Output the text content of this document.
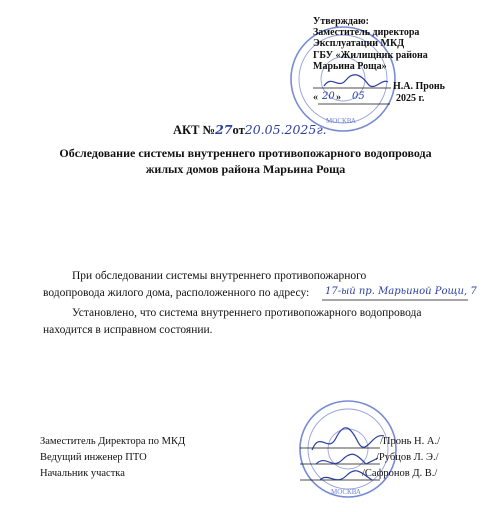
МОСКВА
Утверждаю:
Заместитель директора
Эксплуатации МКД
ГБУ «Жилищник района
Марьина Роща»
Н.А. Пронь
« 20 » 05	2025 г.
АКТ №27от20.05.2025г.
Обследование системы внутреннего противопожарного водопровода
жилых домов района Марьина Роща
При обследовании системы внутреннего противопожарного
водопровода жилого дома, расположенного по адресу: 17-ый пр. Марьиной Рощи, 7
Установлено, что система внутреннего противопожарного водопровода
находится в исправном состоянии.
МОСКВА
Заместитель Директора по МКД
Ведущий инженер ПТО
Начальник участка
/Пронь Н. А./
/Рубцов Л. Э./
/Сафронов Д. В./
